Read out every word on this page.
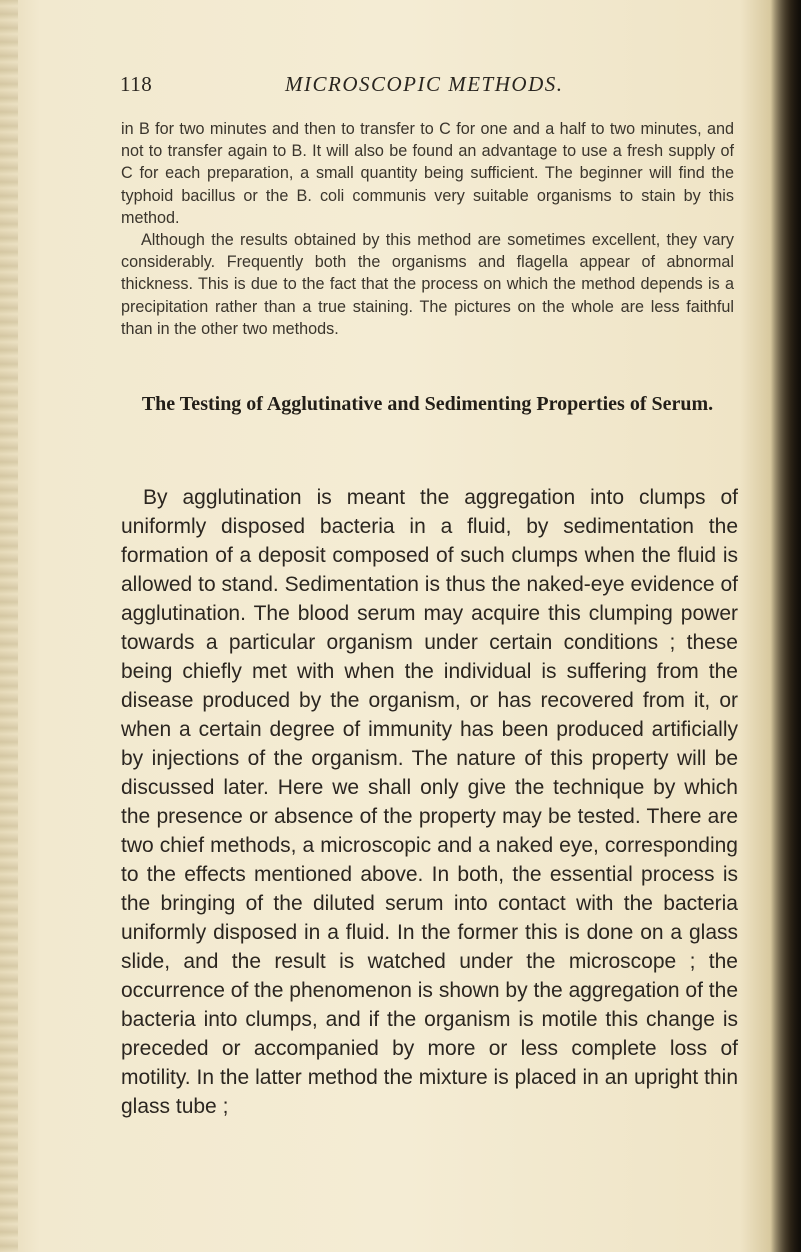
118	MICROSCOPIC METHODS.

in B for two minutes and then to transfer to C for one and a half to two minutes, and not to transfer again to B. It will also be found an advantage to use a fresh supply of C for each preparation, a small quantity being sufficient. The beginner will find the typhoid bacillus or the B. coli communis very suitable organisms to stain by this method.

Although the results obtained by this method are sometimes excellent, they vary considerably. Frequently both the organisms and flagella appear of abnormal thickness. This is due to the fact that the process on which the method depends is a precipitation rather than a true staining. The pictures on the whole are less faithful than in the other two methods.

The Testing of Agglutinative and Sedimenting Properties of Serum.
By agglutination is meant the aggregation into clumps of uniformly disposed bacteria in a fluid, by sedimentation the formation of a deposit composed of such clumps when the fluid is allowed to stand. Sedimentation is thus the naked-eye evidence of agglutination. The blood serum may acquire this clumping power towards a particular organism under certain conditions ; these being chiefly met with when the individual is suffering from the disease produced by the organism, or has recovered from it, or when a certain degree of immunity has been produced artificially by injections of the organism. The nature of this property will be discussed later. Here we shall only give the technique by which the presence or absence of the property may be tested. There are two chief methods, a microscopic and a naked eye, corresponding to the effects mentioned above. In both, the essential process is the bringing of the diluted serum into contact with the bacteria uniformly disposed in a fluid. In the former this is done on a glass slide, and the result is watched under the microscope ; the occurrence of the phenomenon is shown by the aggregation of the bacteria into clumps, and if the organism is motile this change is preceded or accompanied by more or less complete loss of motility. In the latter method the mixture is placed in an upright thin glass tube ;
